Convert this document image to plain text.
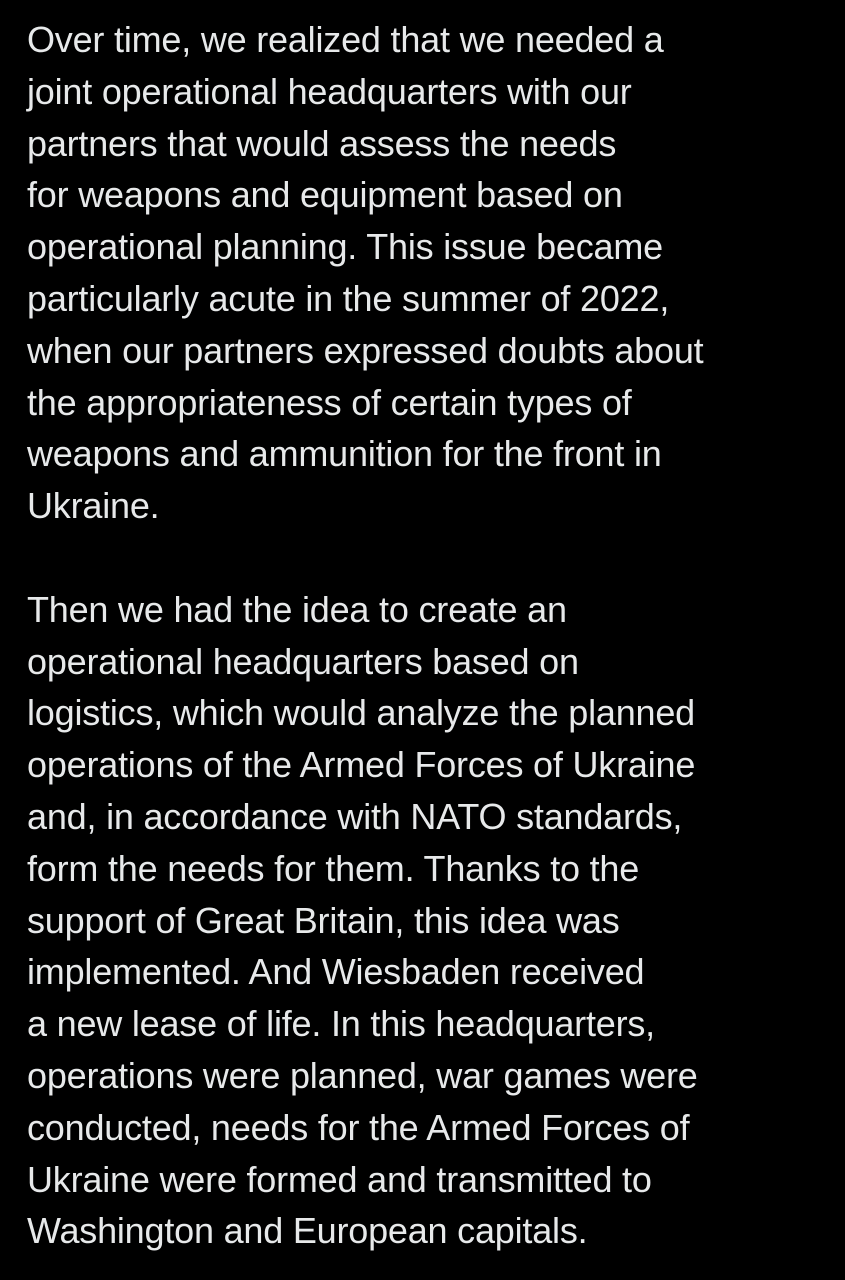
Over time, we realized that we needed a
joint operational headquarters with our
partners that would assess the needs
for weapons and equipment based on
operational planning. This issue became
particularly acute in the summer of 2022,
when our partners expressed doubts about
the appropriateness of certain types of
weapons and ammunition for the front in
Ukraine.

Then we had the idea to create an
operational headquarters based on
logistics, which would analyze the planned
operations of the Armed Forces of Ukraine
and, in accordance with NATO standards,
form the needs for them. Thanks to the
support of Great Britain, this idea was
implemented. And Wiesbaden received
a new lease of life. In this headquarters,
operations were planned, war games were
conducted, needs for the Armed Forces of
Ukraine were formed and transmitted to
Washington and European capitals.
